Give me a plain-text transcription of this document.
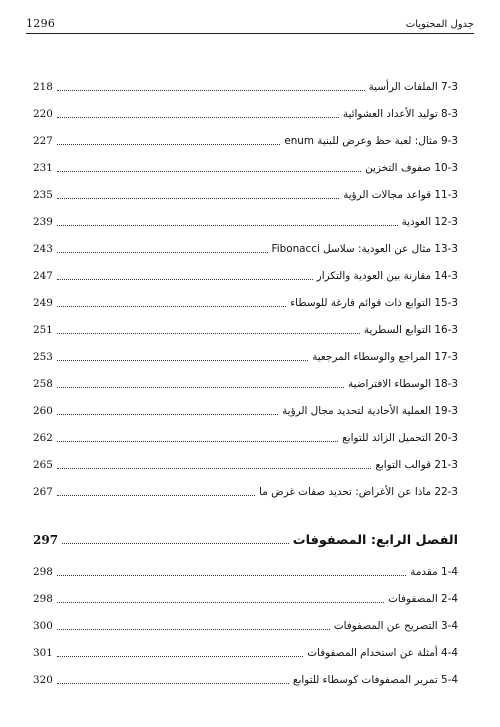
1296	جدول المحتويات
7-3 الملفات الرأسية
218
8-3 توليد الأعداد العشوائية
220
9-3 مثال: لعبة حظ وعرض للبنية enum
227
10-3 صفوف التخزين
231
11-3 قواعد مجالات الرؤية
235
12-3 العودية
239
13-3 مثال عن العودية: سلاسل Fibonacci
243
14-3 مقارنة بين العودية والتكرار
247
15-3 التوابع ذات قوائم فارغة للوسطاء
249
16-3 التوابع السطرية
251
17-3 المراجع والوسطاء المرجعية
253
18-3 الوسطاء الافتراضية
258
19-3 العملية الأحادية لتحديد مجال الرؤية
260
20-3 التحميل الزائد للتوابع
262
21-3 قوالب التوابع
265
22-3 ماذا عن الأغراض: تحديد صفات غرض ما
267
الفصل الرابع: المصفوفات
297
1-4 مقدمة
298
2-4 المصفوفات
298
3-4 التصريح عن المصفوفات
300
4-4 أمثلة عن استخدام المصفوفات
301
5-4 تمرير المصفوفات كوسطاء للتوابع
320
